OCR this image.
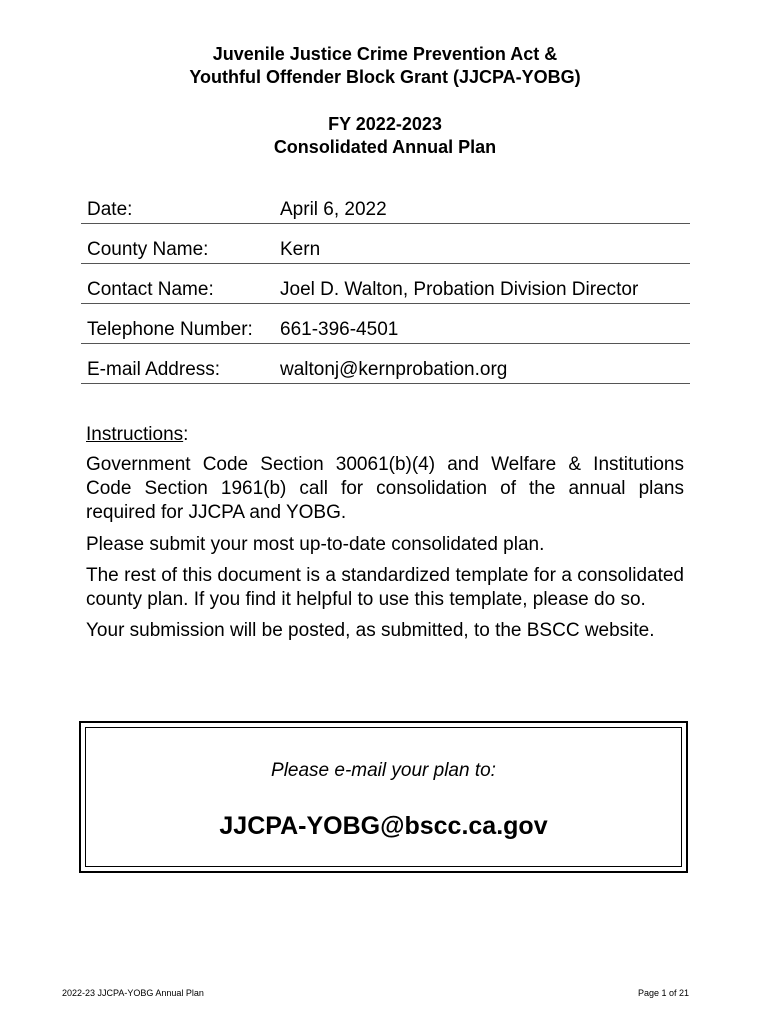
Juvenile Justice Crime Prevention Act &
Youthful Offender Block Grant (JJCPA-YOBG)
FY 2022-2023
Consolidated Annual Plan
Date:	April 6, 2022
County Name:	Kern
Contact Name:	Joel D. Walton, Probation Division Director
Telephone Number: 661-396-4501
E-mail Address:	waltonj@kernprobation.org

Instructions:

Government Code Section 30061(b)(4) and Welfare & Institutions Code Section 1961(b) call for consolidation of the annual plans required for JJCPA and YOBG.

Please submit your most up-to-date consolidated plan.

The rest of this document is a standardized template for a consolidated county plan. If you find it helpful to use this template, please do so.

Your submission will be posted, as submitted, to the BSCC website.

Please e-mail your plan to:
JJCPA-YOBG@bscc.ca.gov
2022-23 JJCPA-YOBG Annual Plan	Page 1 of 21
